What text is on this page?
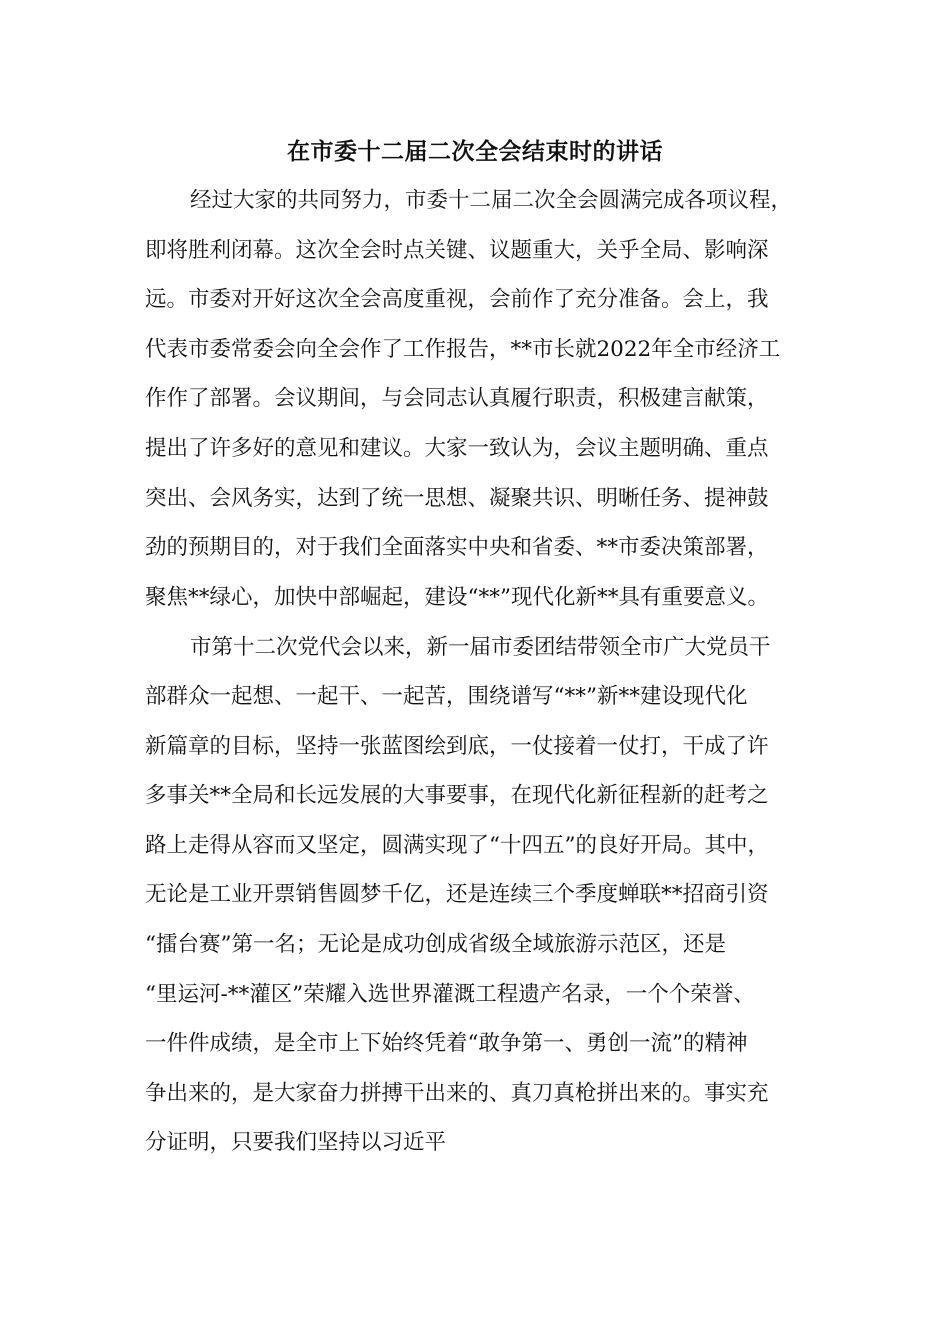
在市委十二届二次全会结束时的讲话

经过大家的共同努力，市委十二届二次全会圆满完成各项议程，

即将胜利闭幕。这次全会时点关键、议题重大，关乎全局、影响深

远。市委对开好这次全会高度重视，会前作了充分准备。会上，我

代表市委常委会向全会作了工作报告，**市长就2022年全市经济工

作作了部署。会议期间，与会同志认真履行职责，积极建言献策，

提出了许多好的意见和建议。大家一致认为，会议主题明确、重点

突出、会风务实，达到了统一思想、凝聚共识、明晰任务、提神鼓

劲的预期目的，对于我们全面落实中央和省委、**市委决策部署，

聚焦**绿心，加快中部崛起，建设“**”现代化新**具有重要意义。

市第十二次党代会以来，新一届市委团结带领全市广大党员干

部群众一起想、一起干、一起苦，围绕谱写“**”新**建设现代化

新篇章的目标，坚持一张蓝图绘到底，一仗接着一仗打，干成了许

多事关**全局和长远发展的大事要事，在现代化新征程新的赶考之

路上走得从容而又坚定，圆满实现了“十四五”的良好开局。其中，

无论是工业开票销售圆梦千亿，还是连续三个季度蝉联**招商引资

“擂台赛”第一名；无论是成功创成省级全域旅游示范区，还是

“里运河-**灌区”荣耀入选世界灌溉工程遗产名录，一个个荣誉、

一件件成绩，是全市上下始终凭着“敢争第一、勇创一流”的精神

争出来的，是大家奋力拼搏干出来的、真刀真枪拼出来的。事实充

分证明，只要我们坚持以习近平
